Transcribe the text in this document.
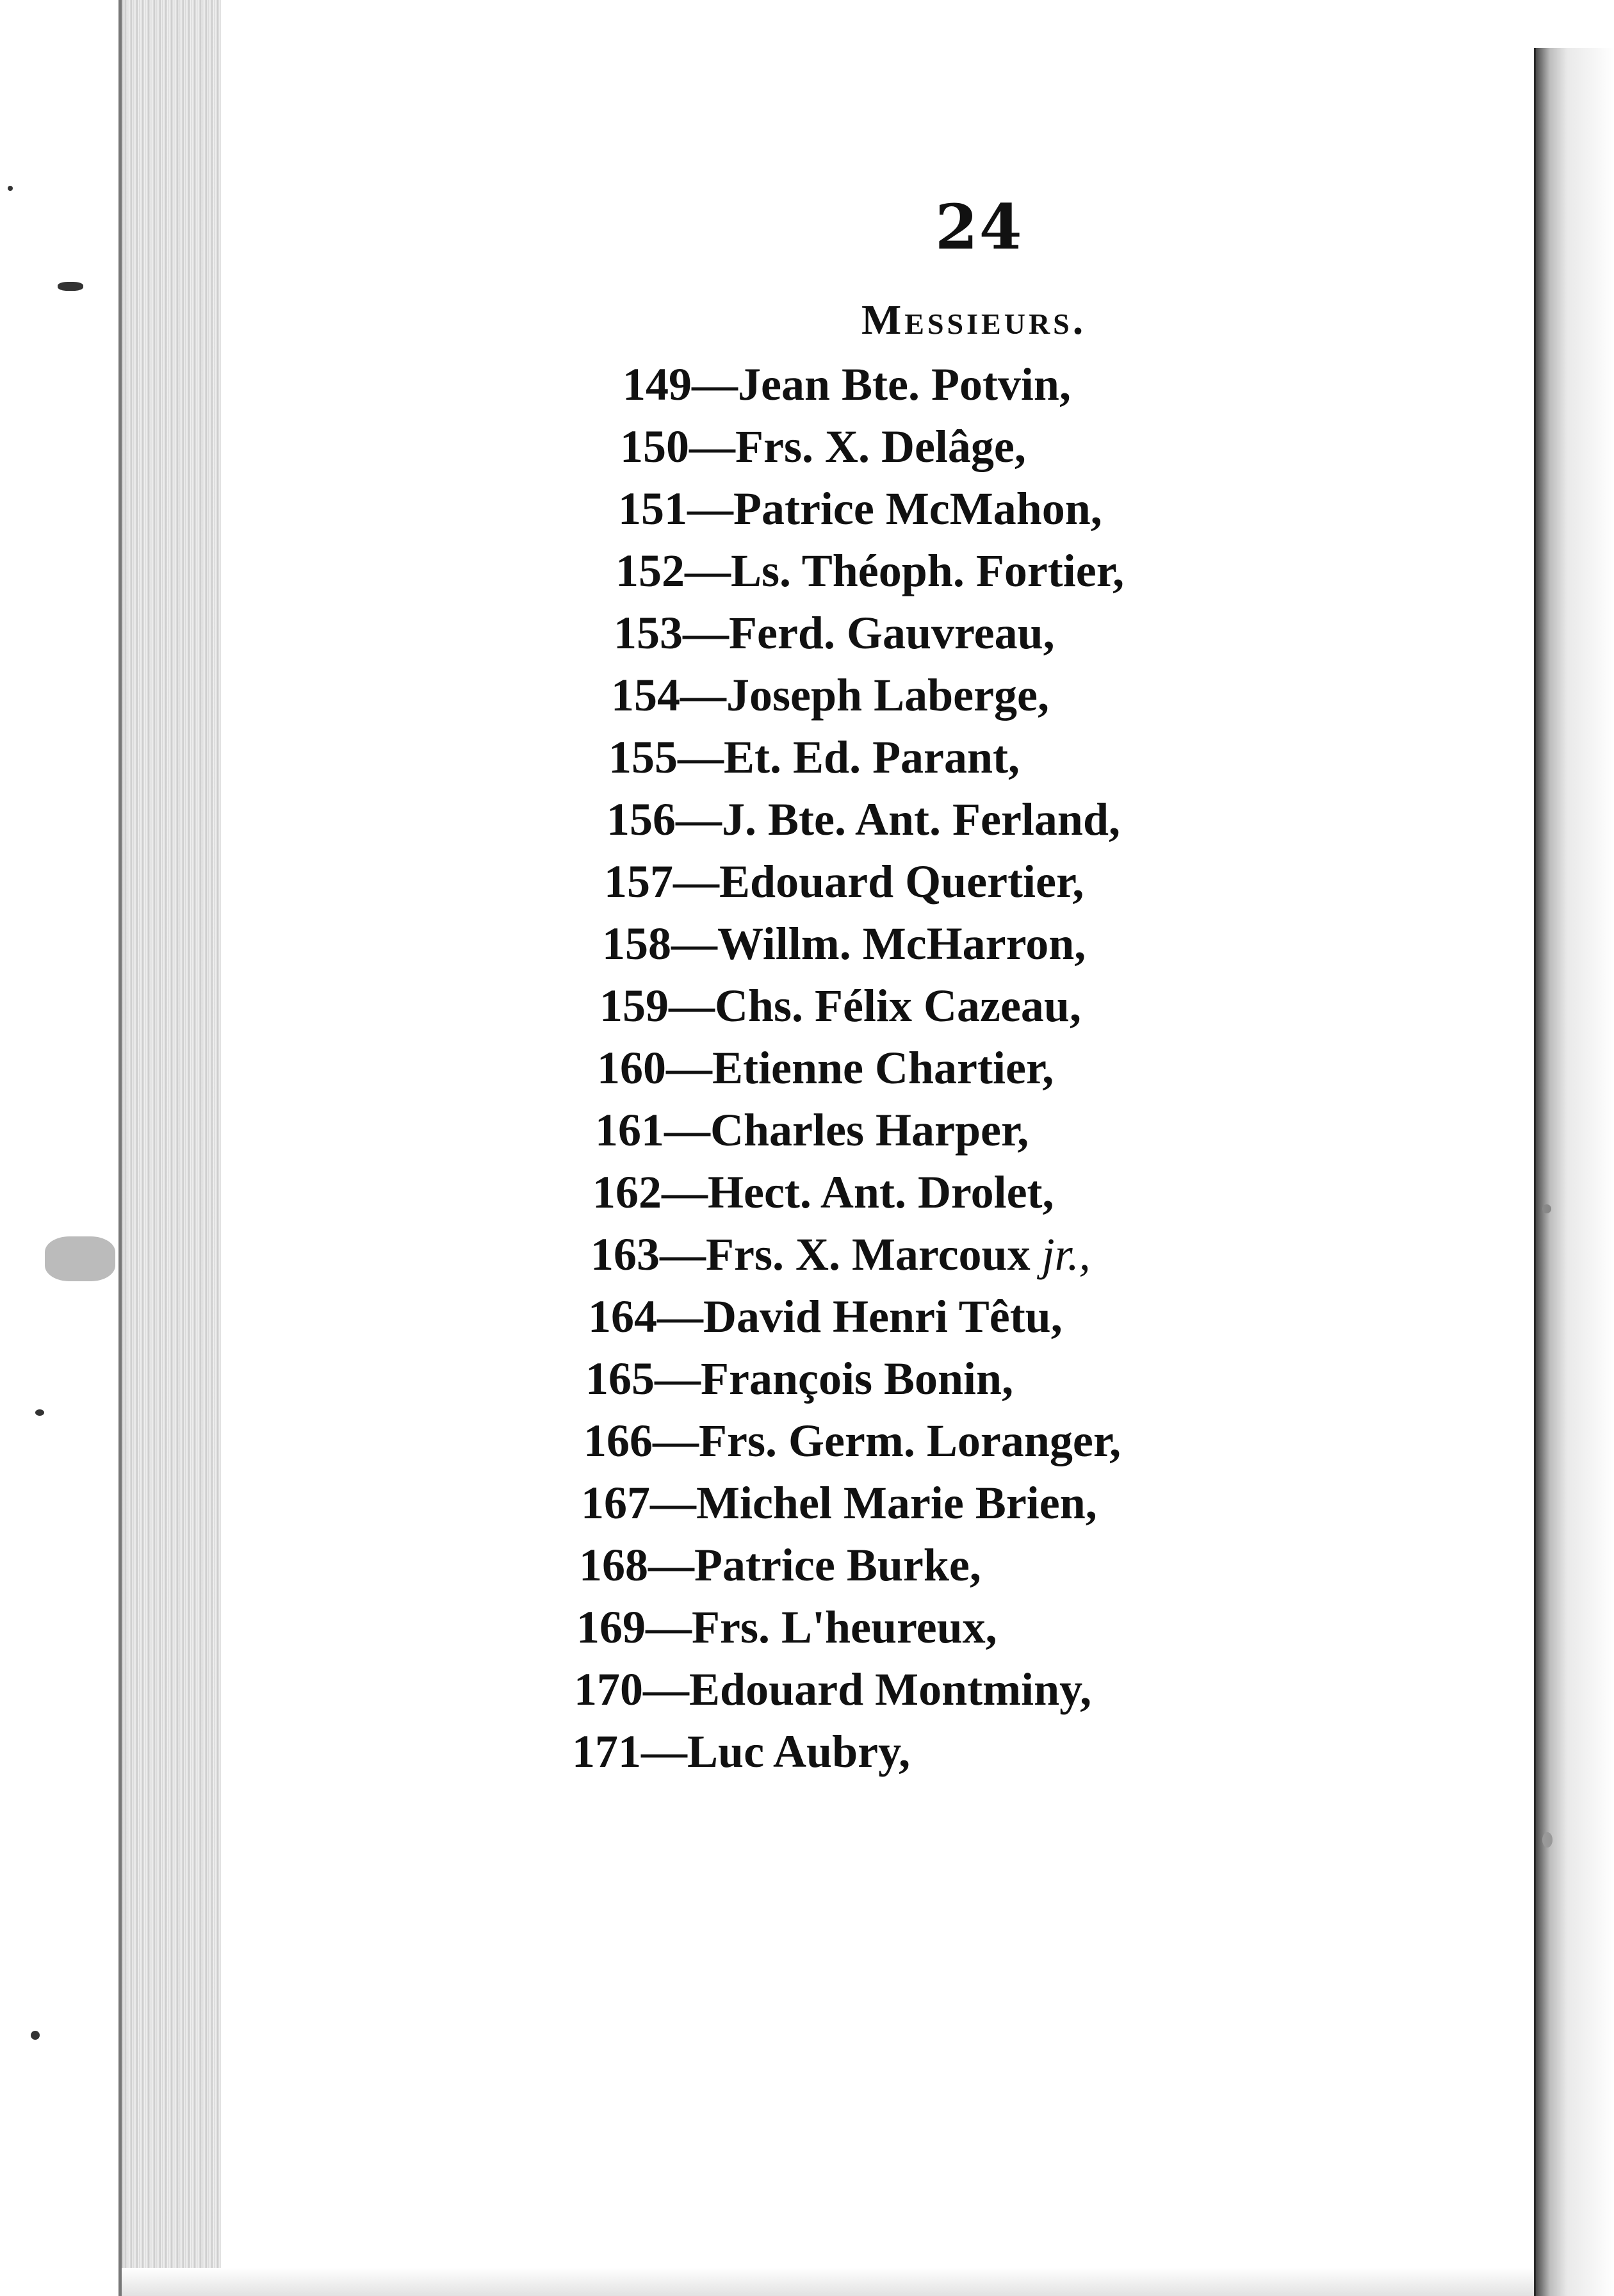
24
Messieurs.
149—Jean Bte. Potvin,
150—Frs. X. Delâge,
151—Patrice McMahon,
152—Ls. Théoph. Fortier,
153—Ferd. Gauvreau,
154—Joseph Laberge,
155—Et. Ed. Parant,
156—J. Bte. Ant. Ferland,
157—Edouard Quertier,
158—Willm. McHarron,
159—Chs. Félix Cazeau,
160—Etienne Chartier,
161—Charles Harper,
162—Hect. Ant. Drolet,
163—Frs. X. Marcoux jr.,
164—David Henri Têtu,
165—François Bonin,
166—Frs. Germ. Loranger,
167—Michel Marie Brien,
168—Patrice Burke,
169—Frs. L'heureux,
170—Edouard Montminy,
171—Luc Aubry,
